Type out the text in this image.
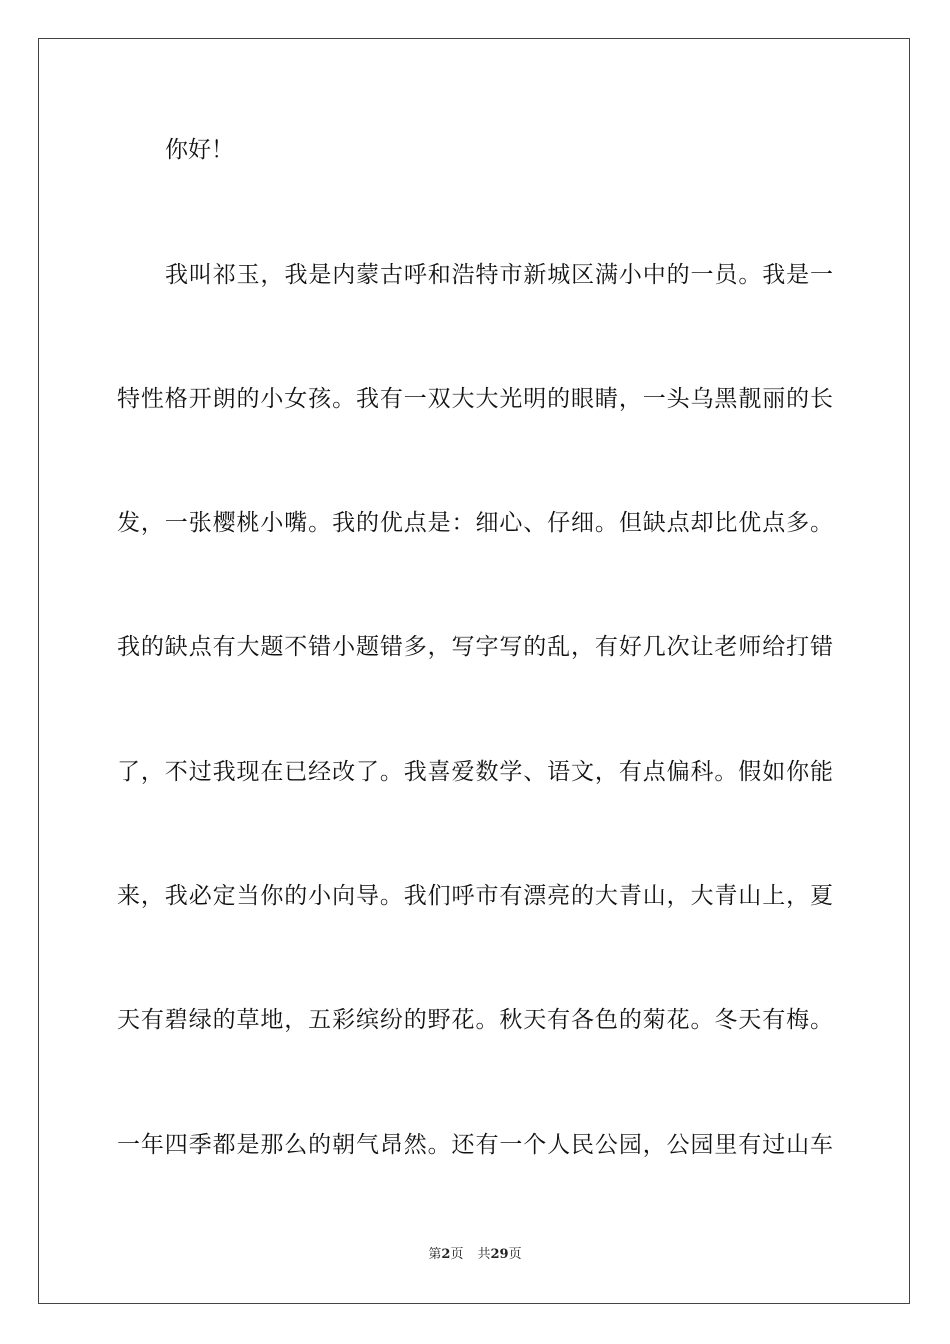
你好！
我叫祁玉，我是内蒙古呼和浩特市新城区满小中的一员。我是一
特性格开朗的小女孩。我有一双大大光明的眼睛，一头乌黑靓丽的长
发，一张樱桃小嘴。我的优点是：细心、仔细。但缺点却比优点多。
我的缺点有大题不错小题错多，写字写的乱，有好几次让老师给打错
了，不过我现在已经改了。我喜爱数学、语文，有点偏科。假如你能
来，我必定当你的小向导。我们呼市有漂亮的大青山，大青山上，夏
天有碧绿的草地，五彩缤纷的野花。秋天有各色的菊花。冬天有梅。
一年四季都是那么的朝气昂然。还有一个人民公园，公园里有过山车
第2页 共29页
